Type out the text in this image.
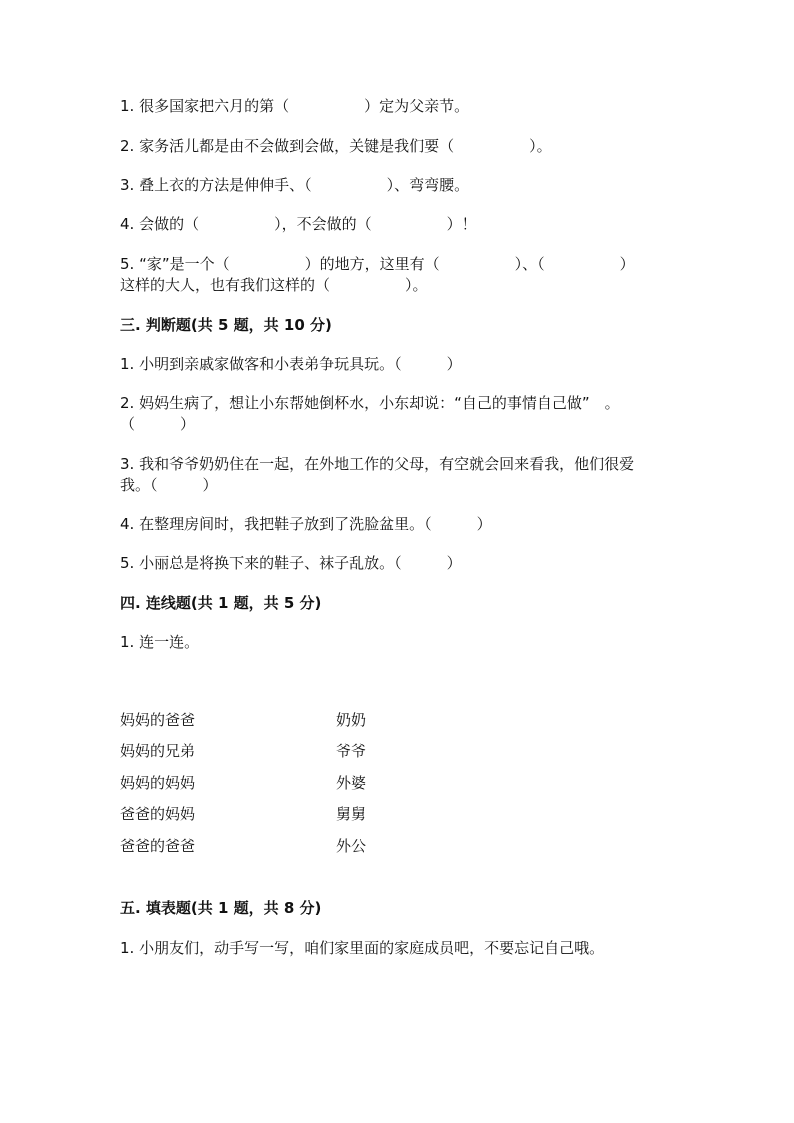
1. 很多国家把六月的第（　　　　　）定为父亲节。

2. 家务活儿都是由不会做到会做，关键是我们要（　　　　　）。

3. 叠上衣的方法是伸伸手、（　　　　　）、弯弯腰。

4. 会做的（　　　　　），不会做的（　　　　　）！

5. “家”是一个（　　　　　）的地方，这里有（　　　　　）、（　　　　　）

这样的大人，也有我们这样的（　　　　　）。

三. 判断题(共 5 题，共 10 分)

1. 小明到亲戚家做客和小表弟争玩具玩。（　　　）

2. 妈妈生病了，想让小东帮她倒杯水，小东却说：“自己的事情自己做”　。

（　　　）

3. 我和爷爷奶奶住在一起，在外地工作的父母，有空就会回来看我，他们很爱

我。（　　　）

4. 在整理房间时，我把鞋子放到了洗脸盆里。（　　　）

5. 小丽总是将换下来的鞋子、袜子乱放。（　　　）

四. 连线题(共 1 题，共 5 分)

1. 连一连。

妈妈的爸爸
妈妈的兄弟
妈妈的妈妈
爸爸的妈妈
爸爸的爸爸
奶奶
爷爷
外婆
舅舅
外公

五. 填表题(共 1 题，共 8 分)

1. 小朋友们，动手写一写，咱们家里面的家庭成员吧，不要忘记自己哦。
